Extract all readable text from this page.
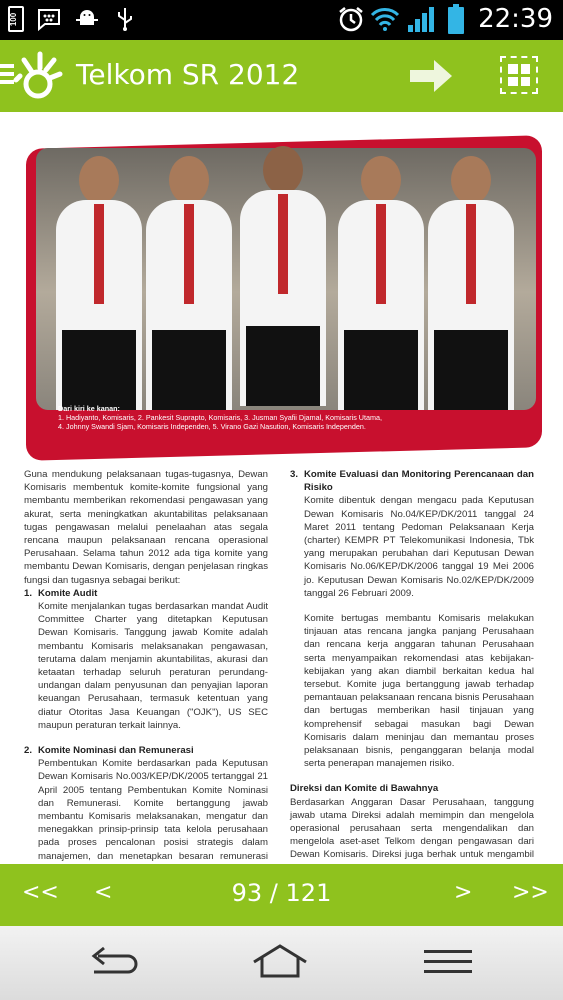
100	22:39
Telkom SR 2012
Dari kiri ke kanan:
1. Hadiyanto, Komisaris, 2. Pankesit Suprapto, Komisaris, 3. Jusman Syafii Djamal, Komisaris Utama,
4. Johnny Swandi Sjam, Komisaris Independen, 5. Virano Gazi Nasution, Komisaris Independen.

Guna mendukung pelaksanaan tugas-tugasnya, Dewan Komisaris membentuk komite-komite fungsional yang membantu memberikan rekomendasi pengawasan yang akurat, serta meningkatkan akuntabilitas pelaksanaan tugas pengawasan melalui penelaahan atas segala rencana maupun pelaksanaan rencana operasional Perusahaan. Selama tahun 2012 ada tiga komite yang membantu Dewan Komisaris, dengan penjelasan ringkas fungsi dan tugasnya sebagai berikut:

1. Komite Audit

Komite menjalankan tugas berdasarkan mandat Audit Committee Charter yang ditetapkan Keputusan Dewan Komisaris. Tanggung jawab Komite adalah membantu Komisaris melaksanakan pengawasan, terutama dalam menjamin akuntabilitas, akurasi dan ketaatan terhadap seluruh peraturan perundang-undangan dalam penyusunan dan penyajian laporan keuangan Perusahaan, termasuk ketentuan yang diatur Otoritas Jasa Keuangan ("OJK"), US SEC maupun peraturan terkait lainnya.

2. Komite Nominasi dan Remunerasi

Pembentukan Komite berdasarkan pada Keputusan Dewan Komisaris No.003/KEP/DK/2005 tertanggal 21 April 2005 tentang Pembentukan Komite Nominasi dan Remunerasi. Komite bertanggung jawab membantu Komisaris melaksanakan, mengatur dan menegakkan prinsip-prinsip tata kelola perusahaan pada proses pencalonan posisi strategis dalam manajemen, dan menetapkan besaran remunerasi

3. Komite Evaluasi dan Monitoring Perencanaan dan Risiko

Komite dibentuk dengan mengacu pada Keputusan Dewan Komisaris No.04/KEP/DK/2011 tanggal 24 Maret 2011 tentang Pedoman Pelaksanaan Kerja (charter) KEMPR PT Telekomunikasi Indonesia, Tbk yang merupakan perubahan dari Keputusan Dewan Komisaris No.06/KEP/DK/2006 tanggal 19 Mei 2006 jo. Keputusan Dewan Komisaris No.02/KEP/DK/2009 tanggal 26 Februari 2009.

Komite bertugas membantu Komisaris melakukan tinjauan atas rencana jangka panjang Perusahaan dan rencana kerja anggaran tahunan Perusahaan serta menyampaikan rekomendasi atas kebijakan-kebijakan yang akan diambil berkaitan kedua hal tersebut. Komite juga bertanggung jawab terhadap pemantauan pelaksanaan rencana bisnis Perusahaan dan bertugas memberikan hasil tinjauan yang komprehensif sebagai masukan bagi Dewan Komisaris dalam meninjau dan memantau proses pelaksanaan bisnis, penganggaran belanja modal serta penerapan manajemen risiko.

Direksi dan Komite di Bawahnya

Berdasarkan Anggaran Dasar Perusahaan, tanggung jawab utama Direksi adalah memimpin dan mengelola operasional perusahaan serta mengendalikan dan mengelola aset-aset Telkom dengan pengawasan dari Dewan Komisaris. Direksi juga berhak untuk mengambil

<< <	93 / 121	> >>
